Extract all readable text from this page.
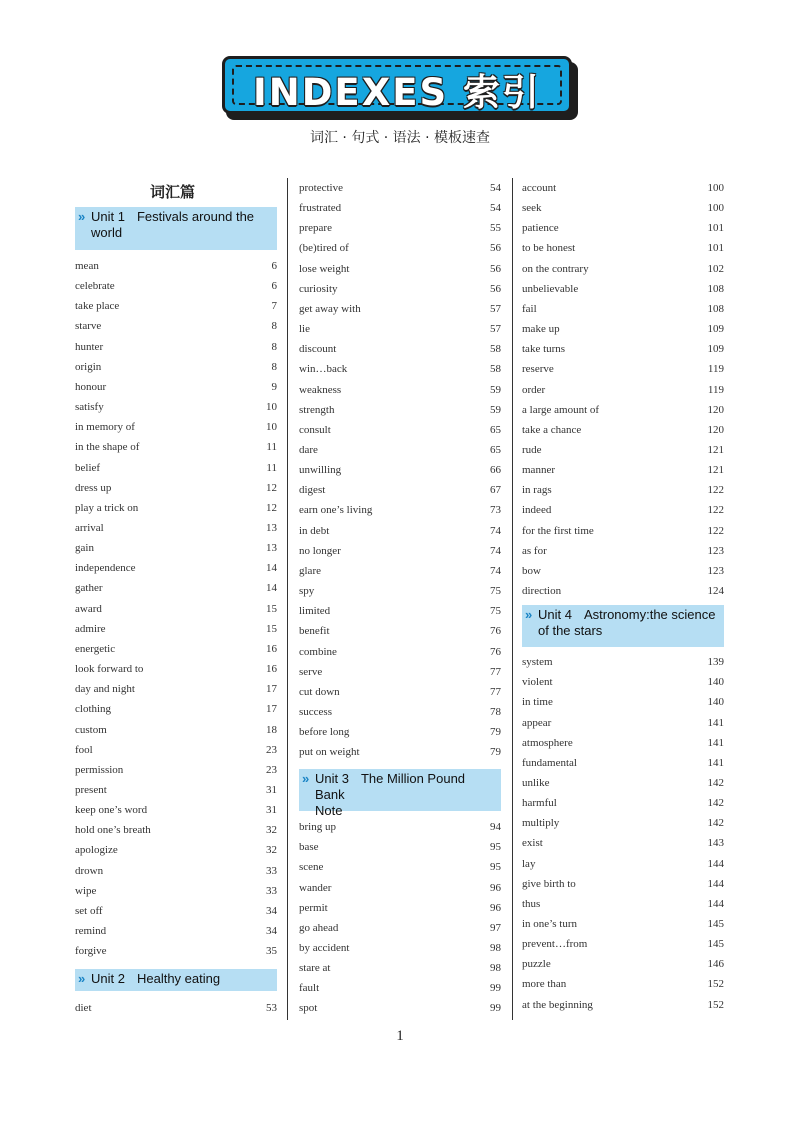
INDEXES 索引
词汇 · 句式 · 语法 · 模板速查
词汇篇
» Unit 1 Festivals around the
world
mean	6
celebrate	6
take place	7
starve	8
hunter	8
origin	8
honour	9
satisfy	10
in memory of	10
in the shape of	11
belief	11
dress up	12
play a trick on	12
arrival	13
gain	13
independence	14
gather	14
award	15
admire	15
energetic	16
look forward to	16
day and night	17
clothing	17
custom	18
fool	23
permission	23
present	31
keep one’s word	31
hold one’s breath	32
apologize	32
drown	33
wipe	33
set off	34
remind	34
forgive	35
» Unit 2 Healthy eating
diet	53
protective	54
frustrated	54
prepare	55
(be)tired of	56
lose weight	56
curiosity	56
get away with	57
lie	57
discount	58
win…back	58
weakness	59
strength	59
consult	65
dare	65
unwilling	66
digest	67
earn one’s living	73
in debt	74
no longer	74
glare	74
spy	75
limited	75
benefit	76
combine	76
serve	77
cut down	77
success	78
before long	79
put on weight	79
» Unit 3 The Million Pound Bank
Note
bring up	94
base	95
scene	95
wander	96
permit	96
go ahead	97
by accident	98
stare at	98
fault	99
spot	99
account	100
seek	100
patience	101
to be honest	101
on the contrary	102
unbelievable	108
fail	108
make up	109
take turns	109
reserve	119
order	119
a large amount of	120
take a chance	120
rude	121
manner	121
in rags	122
indeed	122
for the first time	122
as for	123
bow	123
direction	124
» Unit 4 Astronomy:the science
of the stars
system	139
violent	140
in time	140
appear	141
atmosphere	141
fundamental	141
unlike	142
harmful	142
multiply	142
exist	143
lay	144
give birth to	144
thus	144
in one’s turn	145
prevent…from	145
puzzle	146
more than	152
at the beginning	152
1
